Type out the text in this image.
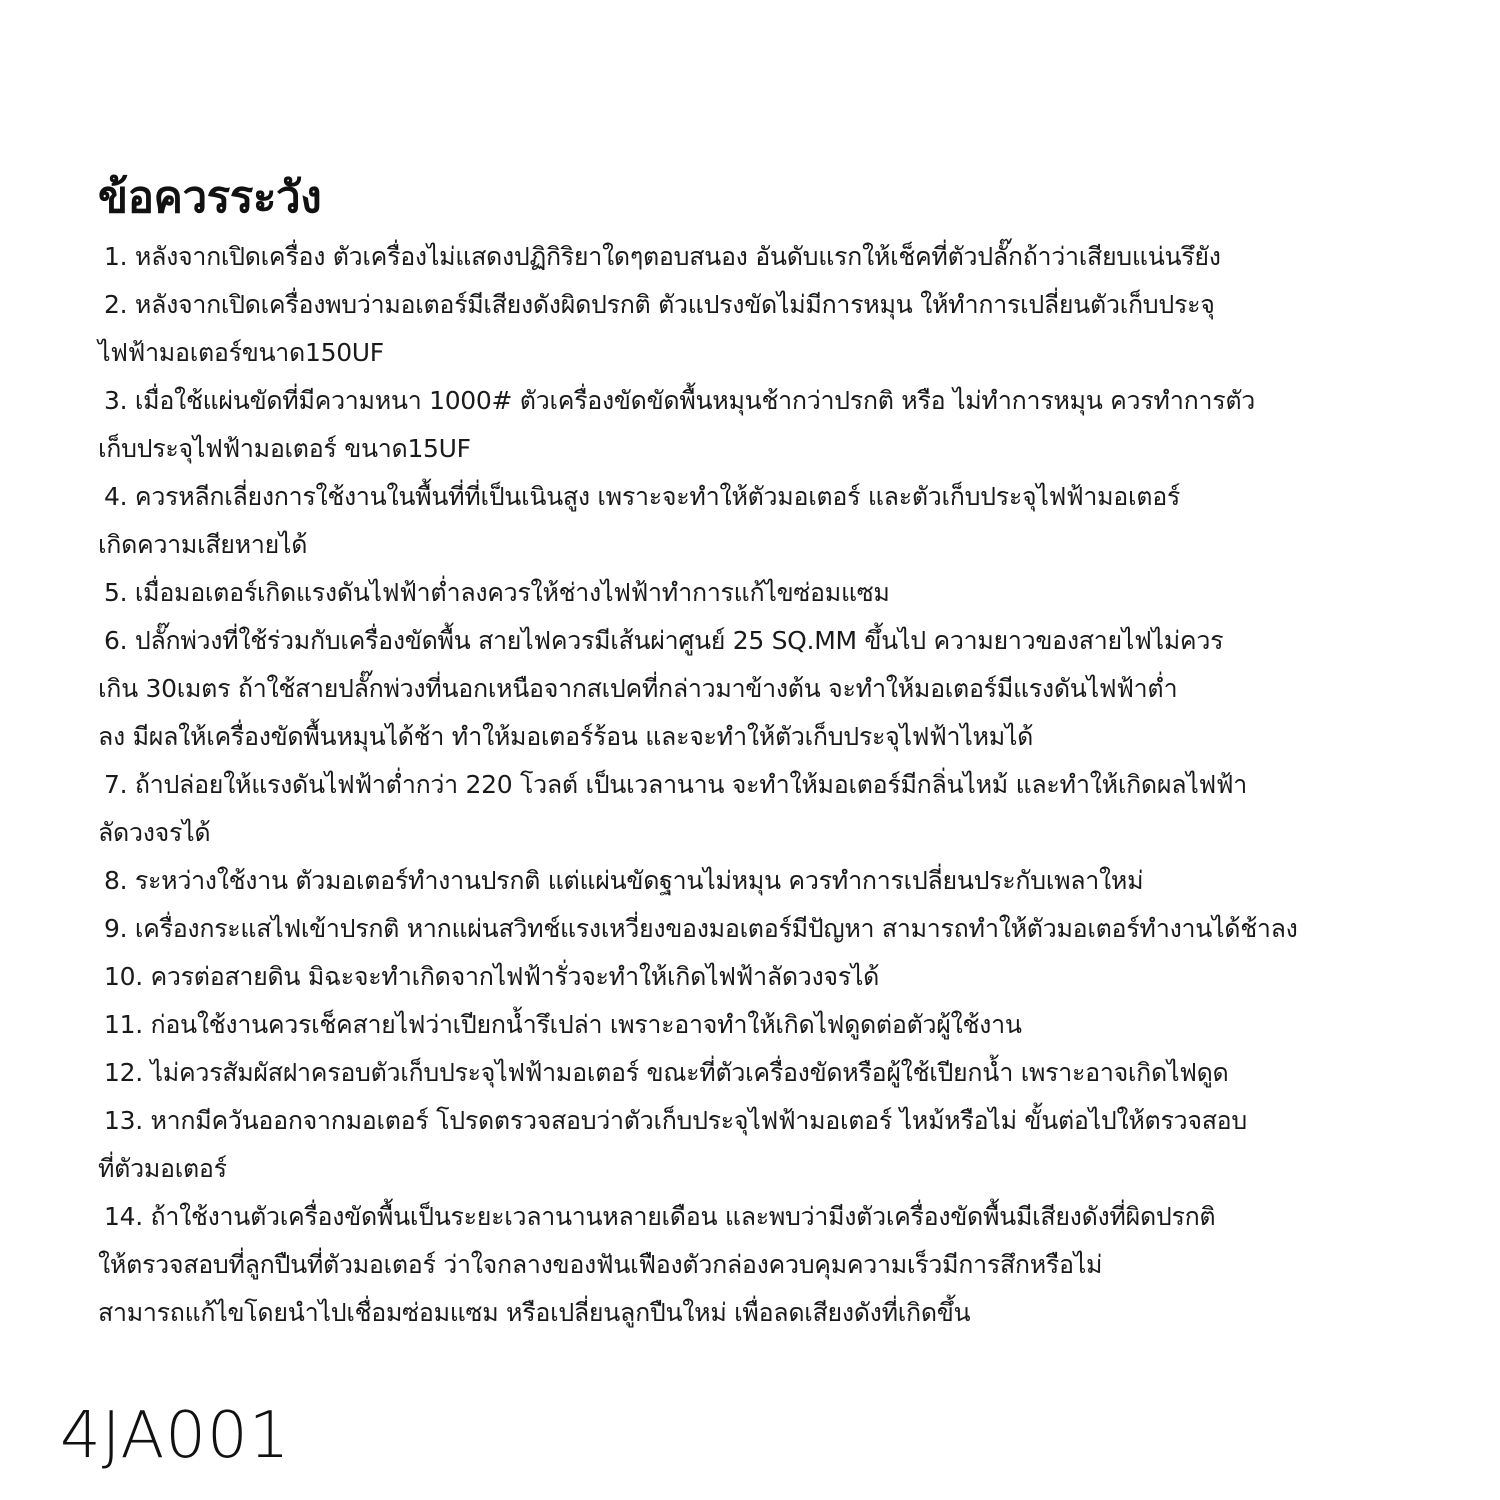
ข้อควรระวัง
1. หลังจากเปิดเครื่อง ตัวเครื่องไม่แสดงปฏิกิริยาใดๆตอบสนอง อันดับแรกให้เช็คที่ตัวปลั๊กถ้าว่าเสียบแน่นรึยัง
2. หลังจากเปิดเครื่องพบว่ามอเตอร์มีเสียงดังผิดปรกติ ตัวแปรงขัดไม่มีการหมุน ให้ทำการเปลี่ยนตัวเก็บประจุ
ไฟฟ้ามอเตอร์ขนาด150UF
3. เมื่อใช้แผ่นขัดที่มีความหนา 1000# ตัวเครื่องขัดขัดพื้นหมุนช้ากว่าปรกติ หรือ ไม่ทำการหมุน ควรทำการตัว
เก็บประจุไฟฟ้ามอเตอร์ ขนาด15UF
4. ควรหลีกเลี่ยงการใช้งานในพื้นที่ที่เป็นเนินสูง เพราะจะทำให้ตัวมอเตอร์ และตัวเก็บประจุไฟฟ้ามอเตอร์
เกิดความเสียหายได้
5. เมื่อมอเตอร์เกิดแรงดันไฟฟ้าต่ำลงควรให้ช่างไฟฟ้าทำการแก้ไขซ่อมแซม
6. ปลั๊กพ่วงที่ใช้ร่วมกับเครื่องขัดพื้น สายไฟควรมีเส้นผ่าศูนย์ 25 SQ.MM ขึ้นไป ความยาวของสายไฟไม่ควร
เกิน 30เมตร ถ้าใช้สายปลั๊กพ่วงที่นอกเหนือจากสเปคที่กล่าวมาข้างต้น จะทำให้มอเตอร์มีแรงดันไฟฟ้าต่ำ
ลง มีผลให้เครื่องขัดพื้นหมุนได้ช้า ทำให้มอเตอร์ร้อน และจะทำให้ตัวเก็บประจุไฟฟ้าไหมได้
7. ถ้าปล่อยให้แรงดันไฟฟ้าต่ำกว่า 220 โวลต์ เป็นเวลานาน จะทำให้มอเตอร์มีกลิ่นไหม้ และทำให้เกิดผลไฟฟ้า
ลัดวงจรได้
8. ระหว่างใช้งาน ตัวมอเตอร์ทำงานปรกติ แต่แผ่นขัดฐานไม่หมุน ควรทำการเปลี่ยนประกับเพลาใหม่
9. เครื่องกระแสไฟเข้าปรกติ หากแผ่นสวิทช์แรงเหวี่ยงของมอเตอร์มีปัญหา สามารถทำให้ตัวมอเตอร์ทำงานได้ช้าลง
10. ควรต่อสายดิน มิฉะจะทำเกิดจากไฟฟ้ารั่วจะทำให้เกิดไฟฟ้าลัดวงจรได้
11. ก่อนใช้งานควรเช็คสายไฟว่าเปียกน้ำรึเปล่า เพราะอาจทำให้เกิดไฟดูดต่อตัวผู้ใช้งาน
12. ไม่ควรสัมผัสฝาครอบตัวเก็บประจุไฟฟ้ามอเตอร์ ขณะที่ตัวเครื่องขัดหรือผู้ใช้เปียกน้ำ เพราะอาจเกิดไฟดูด
13. หากมีควันออกจากมอเตอร์ โปรดตรวจสอบว่าตัวเก็บประจุไฟฟ้ามอเตอร์ ไหม้หรือไม่ ขั้นต่อไปให้ตรวจสอบ
ที่ตัวมอเตอร์
14. ถ้าใช้งานตัวเครื่องขัดพื้นเป็นระยะเวลานานหลายเดือน และพบว่ามีงตัวเครื่องขัดพื้นมีเสียงดังที่ผิดปรกติ
ให้ตรวจสอบที่ลูกปืนที่ตัวมอเตอร์ ว่าใจกลางของฟันเฟืองตัวกล่องควบคุมความเร็วมีการสึกหรือไม่
สามารถแก้ไขโดยนำไปเชื่อมซ่อมแซม หรือเปลี่ยนลูกปืนใหม่ เพื่อลดเสียงดังที่เกิดขึ้น
4JA001
